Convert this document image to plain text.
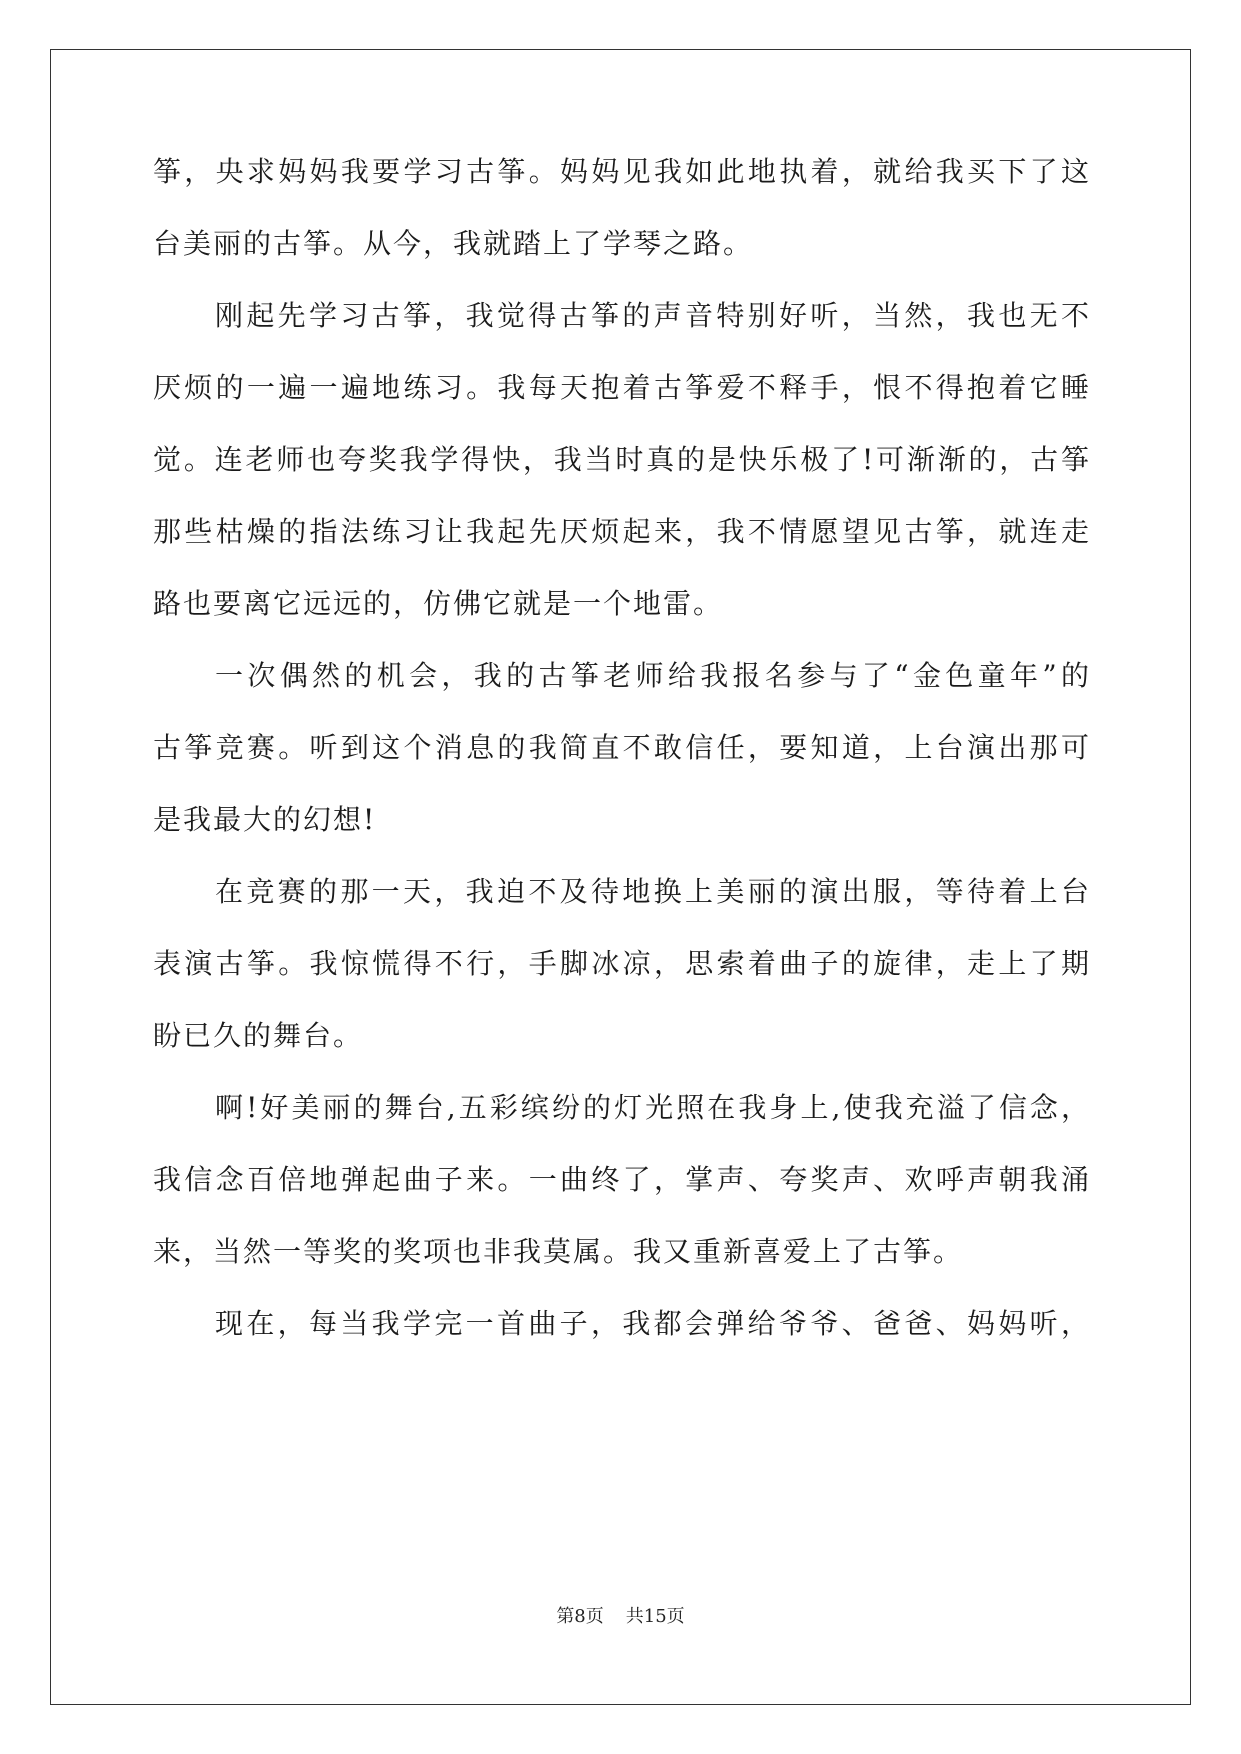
筝，央求妈妈我要学习古筝。妈妈见我如此地执着，就给我买下了这
台美丽的古筝。从今，我就踏上了学琴之路。
刚起先学习古筝，我觉得古筝的声音特别好听，当然，我也无不
厌烦的一遍一遍地练习。我每天抱着古筝爱不释手，恨不得抱着它睡
觉。连老师也夸奖我学得快，我当时真的是快乐极了!可渐渐的，古筝
那些枯燥的指法练习让我起先厌烦起来，我不情愿望见古筝，就连走
路也要离它远远的，仿佛它就是一个地雷。
一次偶然的机会，我的古筝老师给我报名参与了“金色童年”的
古筝竞赛。听到这个消息的我简直不敢信任，要知道，上台演出那可
是我最大的幻想!
在竞赛的那一天，我迫不及待地换上美丽的演出服，等待着上台
表演古筝。我惊慌得不行，手脚冰凉，思索着曲子的旋律，走上了期
盼已久的舞台。
啊!好美丽的舞台,五彩缤纷的灯光照在我身上,使我充溢了信念，
我信念百倍地弹起曲子来。一曲终了，掌声、夸奖声、欢呼声朝我涌
来，当然一等奖的奖项也非我莫属。我又重新喜爱上了古筝。
现在，每当我学完一首曲子，我都会弹给爷爷、爸爸、妈妈听，
第8页 共15页
